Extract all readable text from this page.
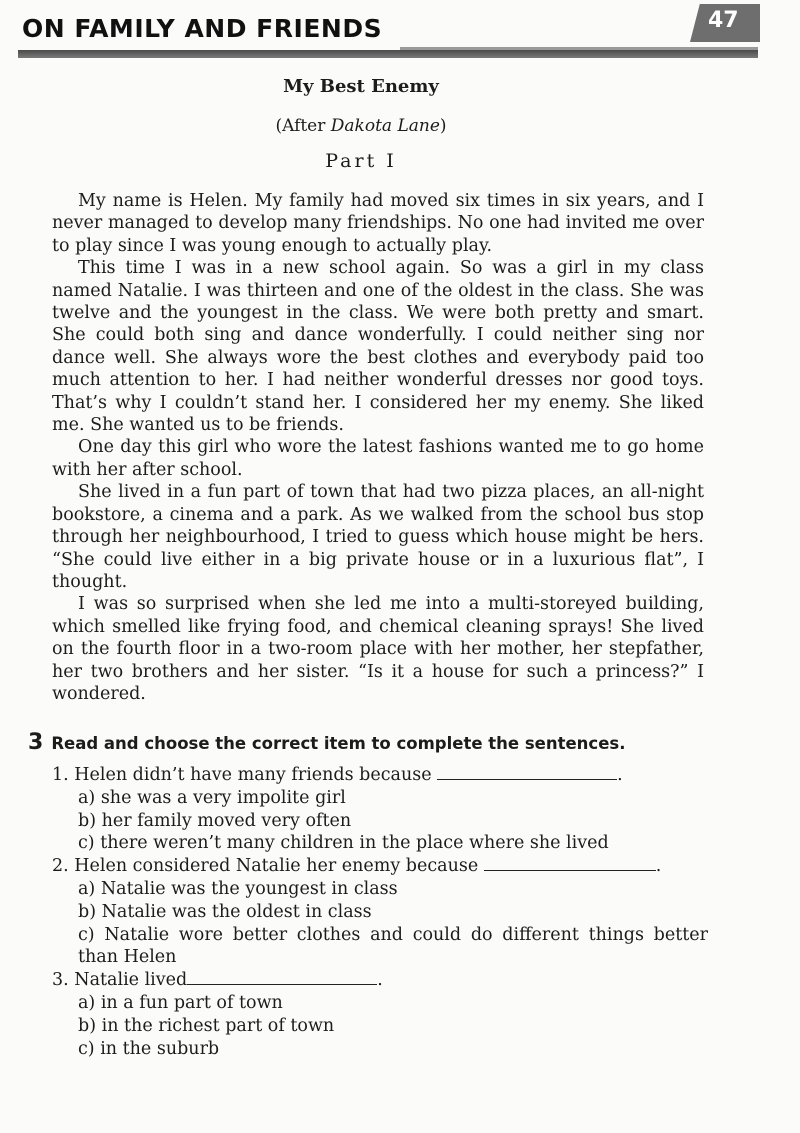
ON FAMILY AND FRIENDS	47
My Best Enemy
(After Dakota Lane)
Part I

My name is Helen. My family had moved six times in six years, and I never managed to develop many friendships. No one had invited me over to play since I was young enough to actually play.

This time I was in a new school again. So was a girl in my class named Natalie. I was thirteen and one of the oldest in the class. She was twelve and the youngest in the class. We were both pretty and smart. She could both sing and dance wonderfully. I could neither sing nor dance well. She always wore the best clothes and everybody paid too much attention to her. I had neither wonderful dresses nor good toys. That’s why I couldn’t stand her. I considered her my enemy. She liked me. She wanted us to be friends.

One day this girl who wore the latest fashions wanted me to go home with her after school.

She lived in a fun part of town that had two pizza places, an all-night bookstore, a cinema and a park. As we walked from the school bus stop through her neighbourhood, I tried to guess which house might be hers. “She could live either in a big private house or in a luxurious flat”, I thought.

I was so surprised when she led me into a multi-storeyed building, which smelled like frying food, and chemical cleaning sprays! She lived on the fourth floor in a two-room place with her mother, her stepfather, her two brothers and her sister. “Is it a house for such a princess?” I wondered.

3 Read and choose the correct item to complete the sentences.

1. Helen didn’t have many friends because	.

a) she was a very impolite girl

b) her family moved very often

c) there weren’t many children in the place where she lived

2. Helen considered Natalie her enemy because	.

a) Natalie was the youngest in class

b) Natalie was the oldest in class

c) Natalie wore better clothes and could do different things better than Helen

3. Natalie lived	.

a) in a fun part of town

b) in the richest part of town

c) in the suburb
